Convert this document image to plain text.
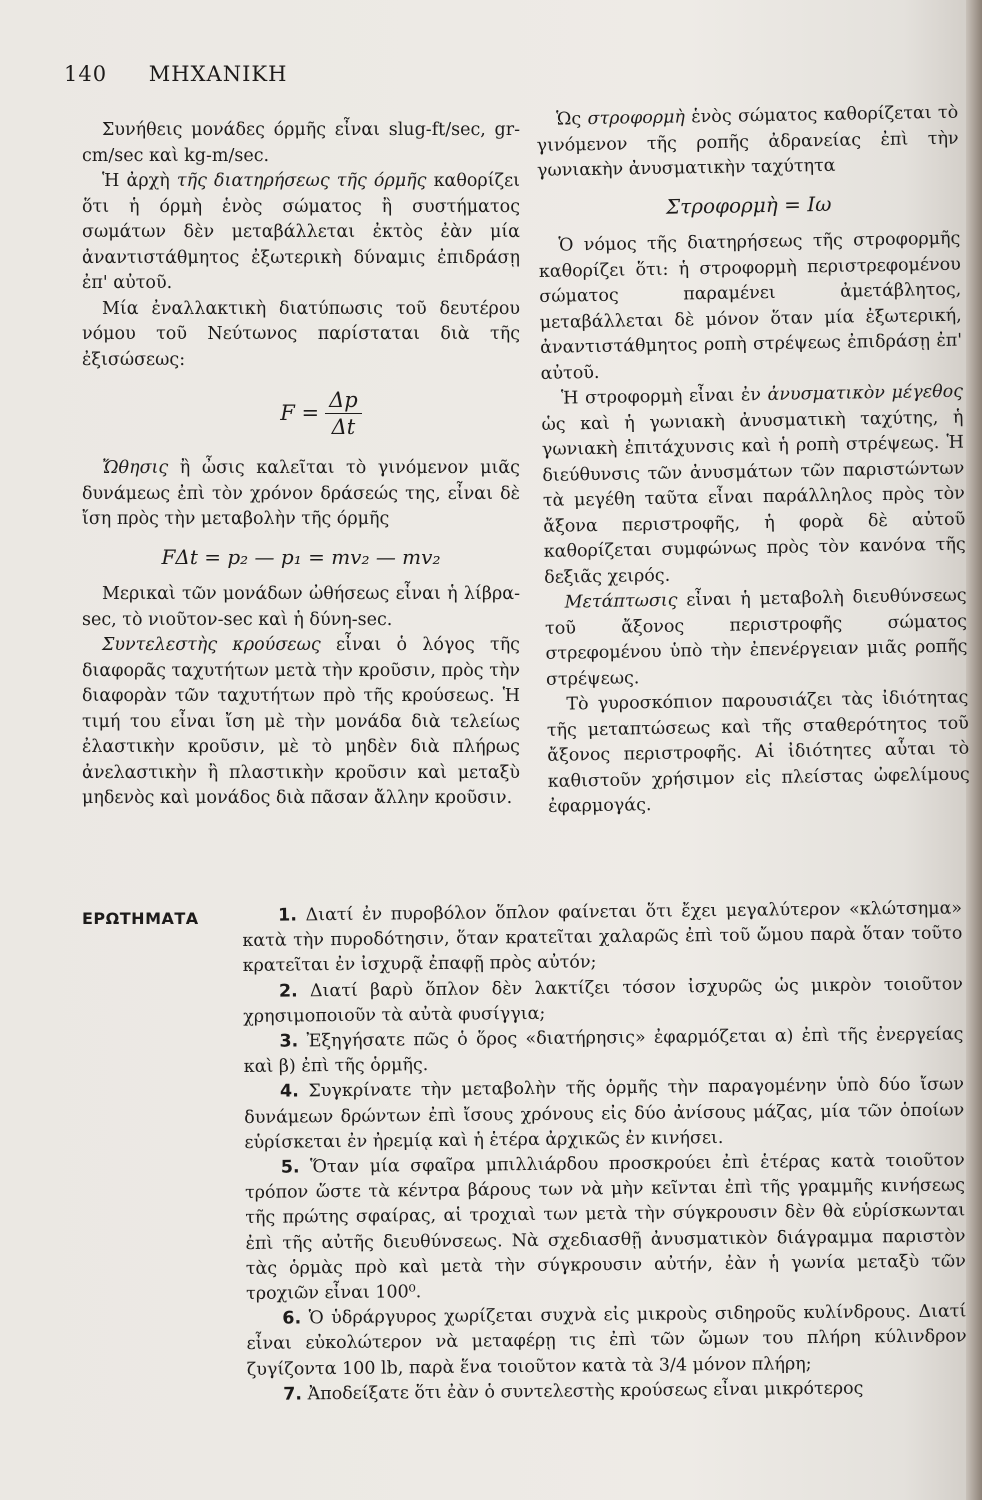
140 ΜΗΧΑΝΙΚΗ

Συνήθεις μονάδες όρμῆς εἶναι slug-ft/sec, gr-cm/sec καὶ kg-m/sec.

Ἡ ἀρχὴ τῆς διατηρήσεως τῆς όρμῆς καθορίζει ὅτι ἡ όρμὴ ἑνὸς σώματος ἢ συστήματος σωμάτων δὲν μεταβάλλεται ἐκτὸς ἐὰν μία ἀναντιστάθμητος ἐξωτερικὴ δύναμις ἐπιδράσῃ ἐπ' αὐτοῦ.

Μία ἐναλλακτικὴ διατύπωσις τοῦ δευτέρου νόμου τοῦ Νεύτωνος παρίσταται διὰ τῆς ἐξισώσεως:

$F = \frac{\Delta p}{\Delta t}$

Ὤθησις ἢ ὦσις καλεῖται τὸ γινόμενον μιᾶς δυνάμεως ἐπὶ τὸν χρόνον δράσεώς της, εἶναι δὲ ἴση πρὸς τὴν μεταβολὴν τῆς όρμῆς

FΔt = p₂ — p₁ = mv₂ — mv₂

Μερικαὶ τῶν μονάδων ὠθήσεως εἶναι ἡ λίβρα-sec, τὸ νιοῦτον-sec καὶ ἡ δύνη-sec.

Συντελεστὴς κρούσεως εἶναι ὁ λόγος τῆς διαφορᾶς ταχυτήτων μετὰ τὴν κροῦσιν, πρὸς τὴν διαφορὰν τῶν ταχυτήτων πρὸ τῆς κρούσεως. Ἡ τιμή του εἶναι ἴση μὲ τὴν μονάδα διὰ τελείως ἐλαστικὴν κροῦσιν, μὲ τὸ μηδὲν διὰ πλήρως ἀνελαστικὴν ἢ πλαστικὴν κροῦσιν καὶ μεταξὺ μηδενὸς καὶ μονάδος διὰ πᾶσαν ἄλλην κροῦσιν.

Ὡς στροφορμὴ ἑνὸς σώματος καθορίζεται τὸ γινόμενον τῆς ροπῆς ἀδρανείας ἐπὶ τὴν γωνιακὴν ἀνυσματικὴν ταχύτητα

Στροφορμὴ = Iω

Ὁ νόμος τῆς διατηρήσεως τῆς στροφορμῆς καθορίζει ὅτι: ἡ στροφορμὴ περιστρεφομένου σώματος παραμένει ἀμετάβλητος, μεταβάλλεται δὲ μόνον ὅταν μία ἐξωτερική, ἀναντιστάθμητος ροπὴ στρέψεως ἐπιδράσῃ ἐπ' αὐτοῦ.

Ἡ στροφορμὴ εἶναι ἐν ἀνυσματικὸν μέγεθος ὡς καὶ ἡ γωνιακὴ ἀνυσματικὴ ταχύτης, ἡ γωνιακὴ ἐπιτάχυνσις καὶ ἡ ροπὴ στρέψεως. Ἡ διεύθυνσις τῶν ἀνυσμάτων τῶν παριστώντων τὰ μεγέθη ταῦτα εἶναι παράλληλος πρὸς τὸν ἄξονα περιστροφῆς, ἡ φορὰ δὲ αὐτοῦ καθορίζεται συμφώνως πρὸς τὸν κανόνα τῆς δεξιᾶς χειρός.

Μετάπτωσις εἶναι ἡ μεταβολὴ διευθύνσεως τοῦ ἄξονος περιστροφῆς σώματος στρεφομένου ὑπὸ τὴν ἐπενέργειαν μιᾶς ροπῆς στρέψεως.

Τὸ γυροσκόπιον παρουσιάζει τὰς ἰδιότητας τῆς μεταπτώσεως καὶ τῆς σταθερότητος τοῦ ἄξονος περιστροφῆς. Αἱ ἰδιότητες αὗται τὸ καθιστοῦν χρήσιμον εἰς πλείστας ὠφελίμους ἐφαρμογάς.

ΕΡΩΤΗΜΑΤΑ	1. Διατί ἐν πυροβόλον ὅπλον φαίνεται ὅτι ἔχει μεγαλύτερον «κλώτσημα» κατὰ τὴν πυροδότησιν, ὅταν κρατεῖται χαλαρῶς ἐπὶ τοῦ ὤμου παρὰ ὅταν τοῦτο κρατεῖται ἐν ἰσχυρᾷ ἐπαφῇ πρὸς αὐτόν;

2. Διατί βαρὺ ὅπλον δὲν λακτίζει τόσον ἰσχυρῶς ὡς μικρὸν τοιοῦτον χρησιμοποιοῦν τὰ αὐτὰ φυσίγγια;

3. Ἐξηγήσατε πῶς ὁ ὅρος «διατήρησις» ἐφαρμόζεται α) ἐπὶ τῆς ἐνεργείας καὶ β) ἐπὶ τῆς ὁρμῆς.

4. Συγκρίνατε τὴν μεταβολὴν τῆς ὁρμῆς τὴν παραγομένην ὑπὸ δύο ἴσων δυνάμεων δρώντων ἐπὶ ἴσους χρόνους εἰς δύο ἀνίσους μάζας, μία τῶν ὁποίων εὑρίσκεται ἐν ἠρεμίᾳ καὶ ἡ ἑτέρα ἀρχικῶς ἐν κινήσει.

5. Ὅταν μία σφαῖρα μπιλλιάρδου προσκρούει ἐπὶ ἑτέρας κατὰ τοιοῦτον τρόπον ὥστε τὰ κέντρα βάρους των νὰ μὴν κεῖνται ἐπὶ τῆς γραμμῆς κινήσεως τῆς πρώτης σφαίρας, αἱ τροχιαὶ των μετὰ τὴν σύγκρουσιν δὲν θὰ εὑρίσκωνται ἐπὶ τῆς αὐτῆς διευθύνσεως. Νὰ σχεδιασθῇ ἀνυσματικὸν διάγραμμα παριστὸν τὰς ὁρμὰς πρὸ καὶ μετὰ τὴν σύγκρουσιν αὐτήν, ἐὰν ἡ γωνία μεταξὺ τῶν τροχιῶν εἶναι 100⁰.

6. Ὁ ὑδράργυρος χωρίζεται συχνὰ εἰς μικροὺς σιδηροῦς κυλίνδρους. Διατί εἶναι εὐκολώτερον νὰ μεταφέρῃ τις ἐπὶ τῶν ὤμων του πλήρη κύλινδρον ζυγίζοντα 100 lb, παρὰ ἕνα τοιοῦτον κατὰ τὰ 3/4 μόνον πλήρη;

7. Ἀποδείξατε ὅτι ἐὰν ὁ συντελεστὴς κρούσεως εἶναι μικρότερος
